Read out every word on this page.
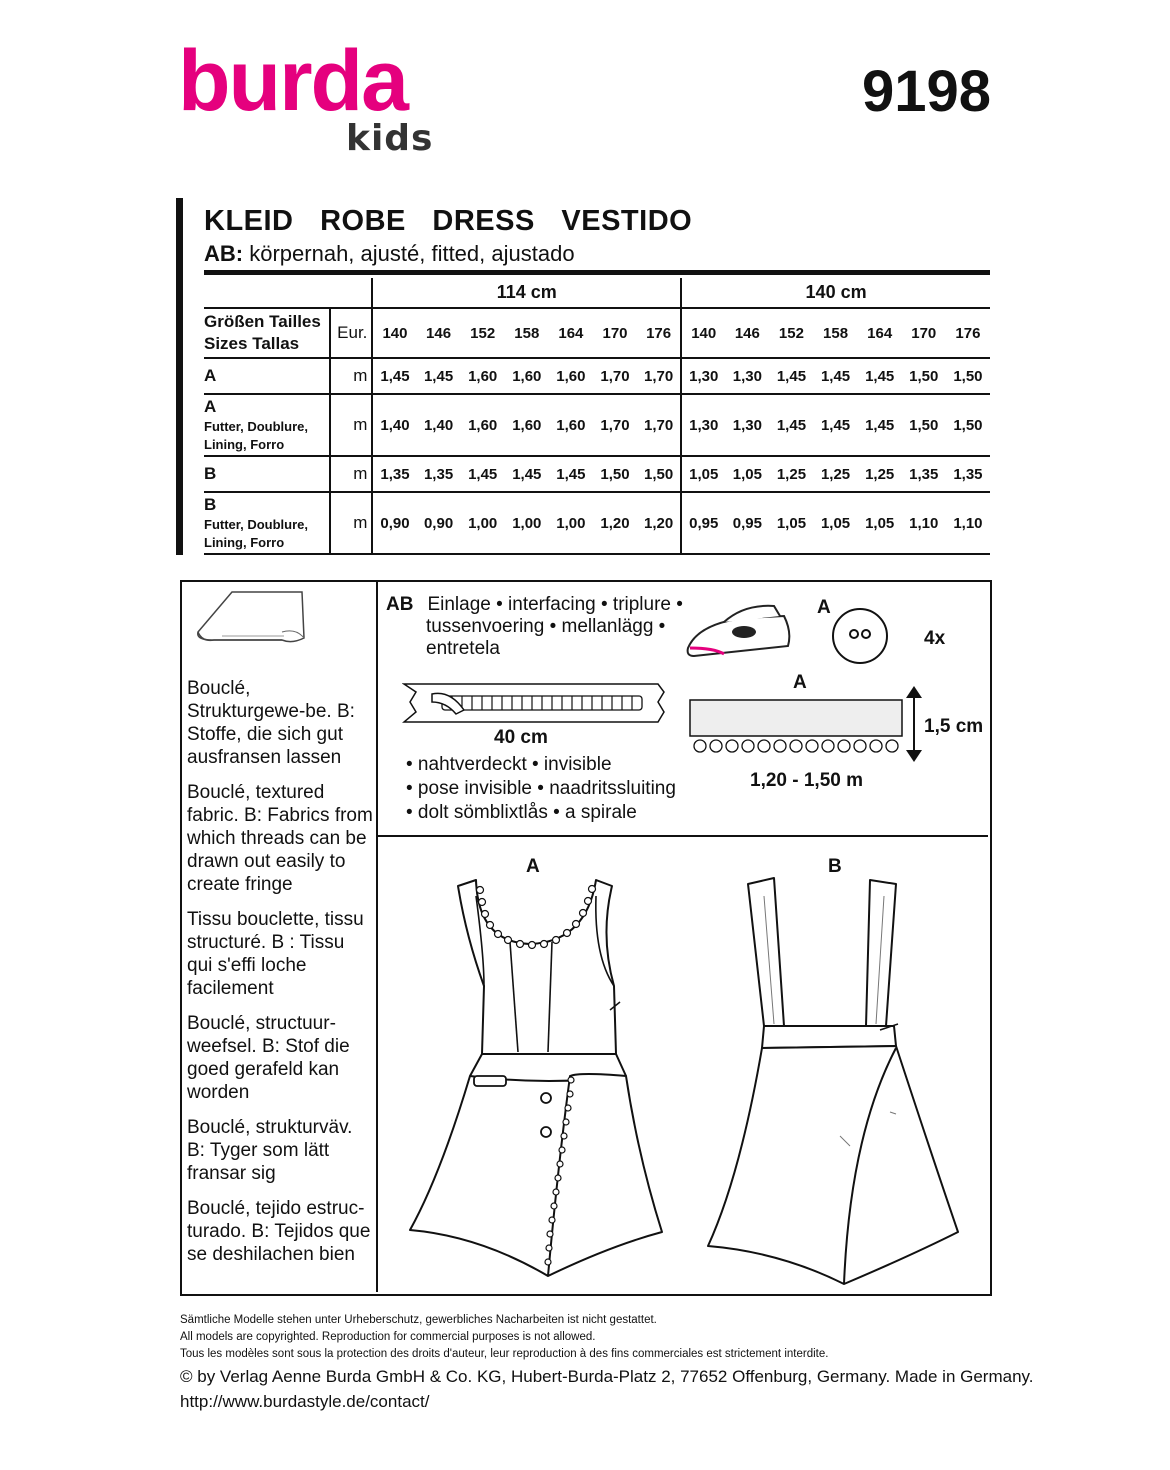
burda
kids
9198
KLEID ROBE DRESS VESTIDO
AB: körpernah, ajusté, fitted, ajustado
		114 cm							140 cm						
Größen Tailles
Sizes Tallas	Eur.	140	146	152	158	164	170	176	140	146	152	158	164	170	176
A	m	1,45	1,45	1,60	1,60	1,60	1,70	1,70	1,30	1,30	1,45	1,45	1,45	1,50	1,50
A
Futter, Doublure,
Lining, Forro	m	1,40	1,40	1,60	1,60	1,60	1,70	1,70	1,30	1,30	1,45	1,45	1,45	1,50	1,50
B	m	1,35	1,35	1,45	1,45	1,45	1,50	1,50	1,05	1,05	1,25	1,25	1,25	1,35	1,35
B
Futter, Doublure,
Lining, Forro	m	0,90	0,90	1,00	1,00	1,00	1,20	1,20	0,95	0,95	1,05	1,05	1,05	1,10	1,10

Bouclé, Strukturgewe-be. B: Stoffe, die sich gut ausfransen lassen

Bouclé, textured fabric. B: Fabrics from which threads can be drawn out easily to create fringe

Tissu bouclette, tissu structuré. B : Tissu qui s'effi loche facilement

Bouclé, structuur-weefsel. B: Stof die goed gerafeld kan worden

Bouclé, strukturväv. B: Tyger som lätt fransar sig

Bouclé, tejido estruc-turado. B: Tejidos que se deshilachen bien

AB Einlage • interfacing • triplure •
tussenvoering • mellanlägg •
entretela
A
4x
A
1,5 cm
1,20 - 1,50 m
40 cm
• nahtverdeckt • invisible
• pose invisible • naadritssluiting
• dolt sömblixtlås • a spirale
A	B
Sämtliche Modelle stehen unter Urheberschutz, gewerbliches Nacharbeiten ist nicht gestattet.
All models are copyrighted. Reproduction for commercial purposes is not allowed.
Tous les modèles sont sous la protection des droits d'auteur, leur reproduction à des fins commerciales est strictement interdite.
© by Verlag Aenne Burda GmbH & Co. KG, Hubert-Burda-Platz 2, 77652 Offenburg, Germany. Made in Germany.
http://www.burdastyle.de/contact/
